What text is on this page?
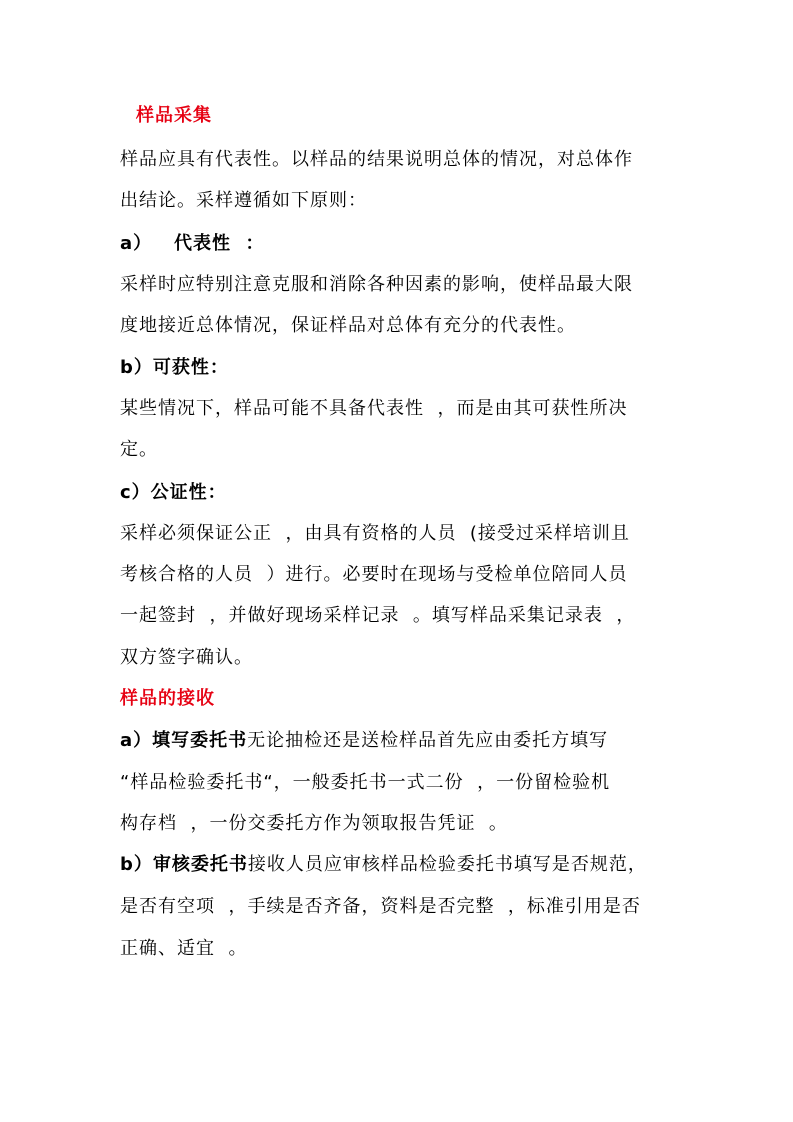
样品采集
样品应具有代表性。以样品的结果说明总体的情况，对总体作
出结论。采样遵循如下原则：
a）   代表性  ：
采样时应特别注意克服和消除各种因素的影响，使样品最大限
度地接近总体情况，保证样品对总体有充分的代表性。
b）可获性：
某些情况下，样品可能不具备代表性  ，而是由其可获性所决
定。
c）公证性：
采样必须保证公正  ，由具有资格的人员  (接受过采样培训且
考核合格的人员  ）进行。必要时在现场与受检单位陪同人员
一起签封  ，并做好现场采样记录  。填写样品采集记录表  ，
双方签字确认。
样品的接收
a）填写委托书无论抽检还是送检样品首先应由委托方填写
“样品检验委托书“，一般委托书一式二份  ，一份留检验机
构存档  ，一份交委托方作为领取报告凭证  。
b）审核委托书接收人员应审核样品检验委托书填写是否规范，
是否有空项  ，手续是否齐备，资料是否完整  ，标准引用是否
正确、适宜  。
